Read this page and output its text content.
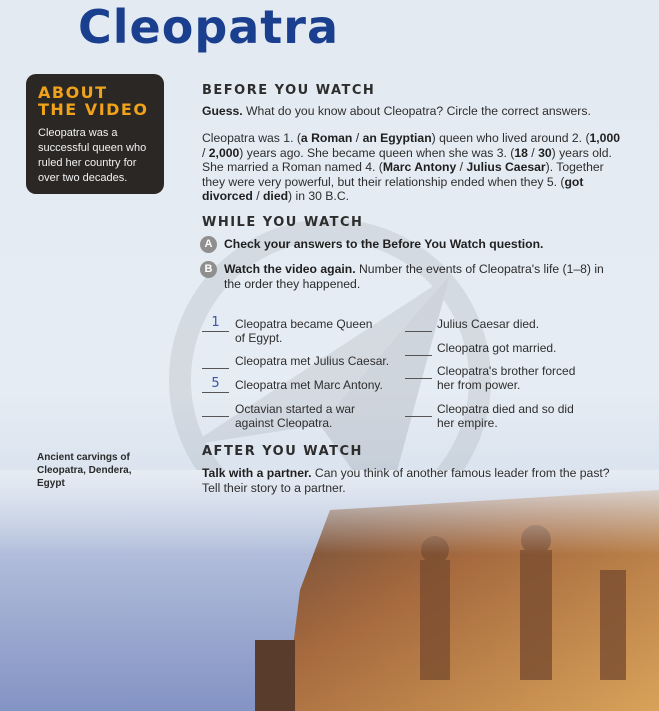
Cleopatra
ABOUT
THE VIDEO

Cleopatra was a successful queen who ruled her country for over two decades.

Ancient carvings of Cleopatra, Dendera, Egypt
BEFORE YOU WATCH

Guess. What do you know about Cleopatra? Circle the correct answers.

Cleopatra was 1. (a Roman / an Egyptian) queen who lived around 2. (1,000 / 2,000) years ago. She became queen when she was 3. (18 / 30) years old. She married a Roman named 4. (Marc Antony / Julius Caesar). Together they were very powerful, but their relationship ended when they 5. (got divorced / died) in 30 B.C.

WHILE YOU WATCH
A Check your answers to the Before You Watch question.

B Watch the video again. Number the events of Cleopatra's life (1–8) in the order they happened.

1	Cleopatra became Queen of Egypt.
Cleopatra met Julius Caesar.
5	Cleopatra met Marc Antony.
Octavian started a war against Cleopatra.
Julius Caesar died.
Cleopatra got married.
Cleopatra's brother forced her from power.
Cleopatra died and so did her empire.
AFTER YOU WATCH

Talk with a partner. Can you think of another famous leader from the past? Tell their story to a partner.
